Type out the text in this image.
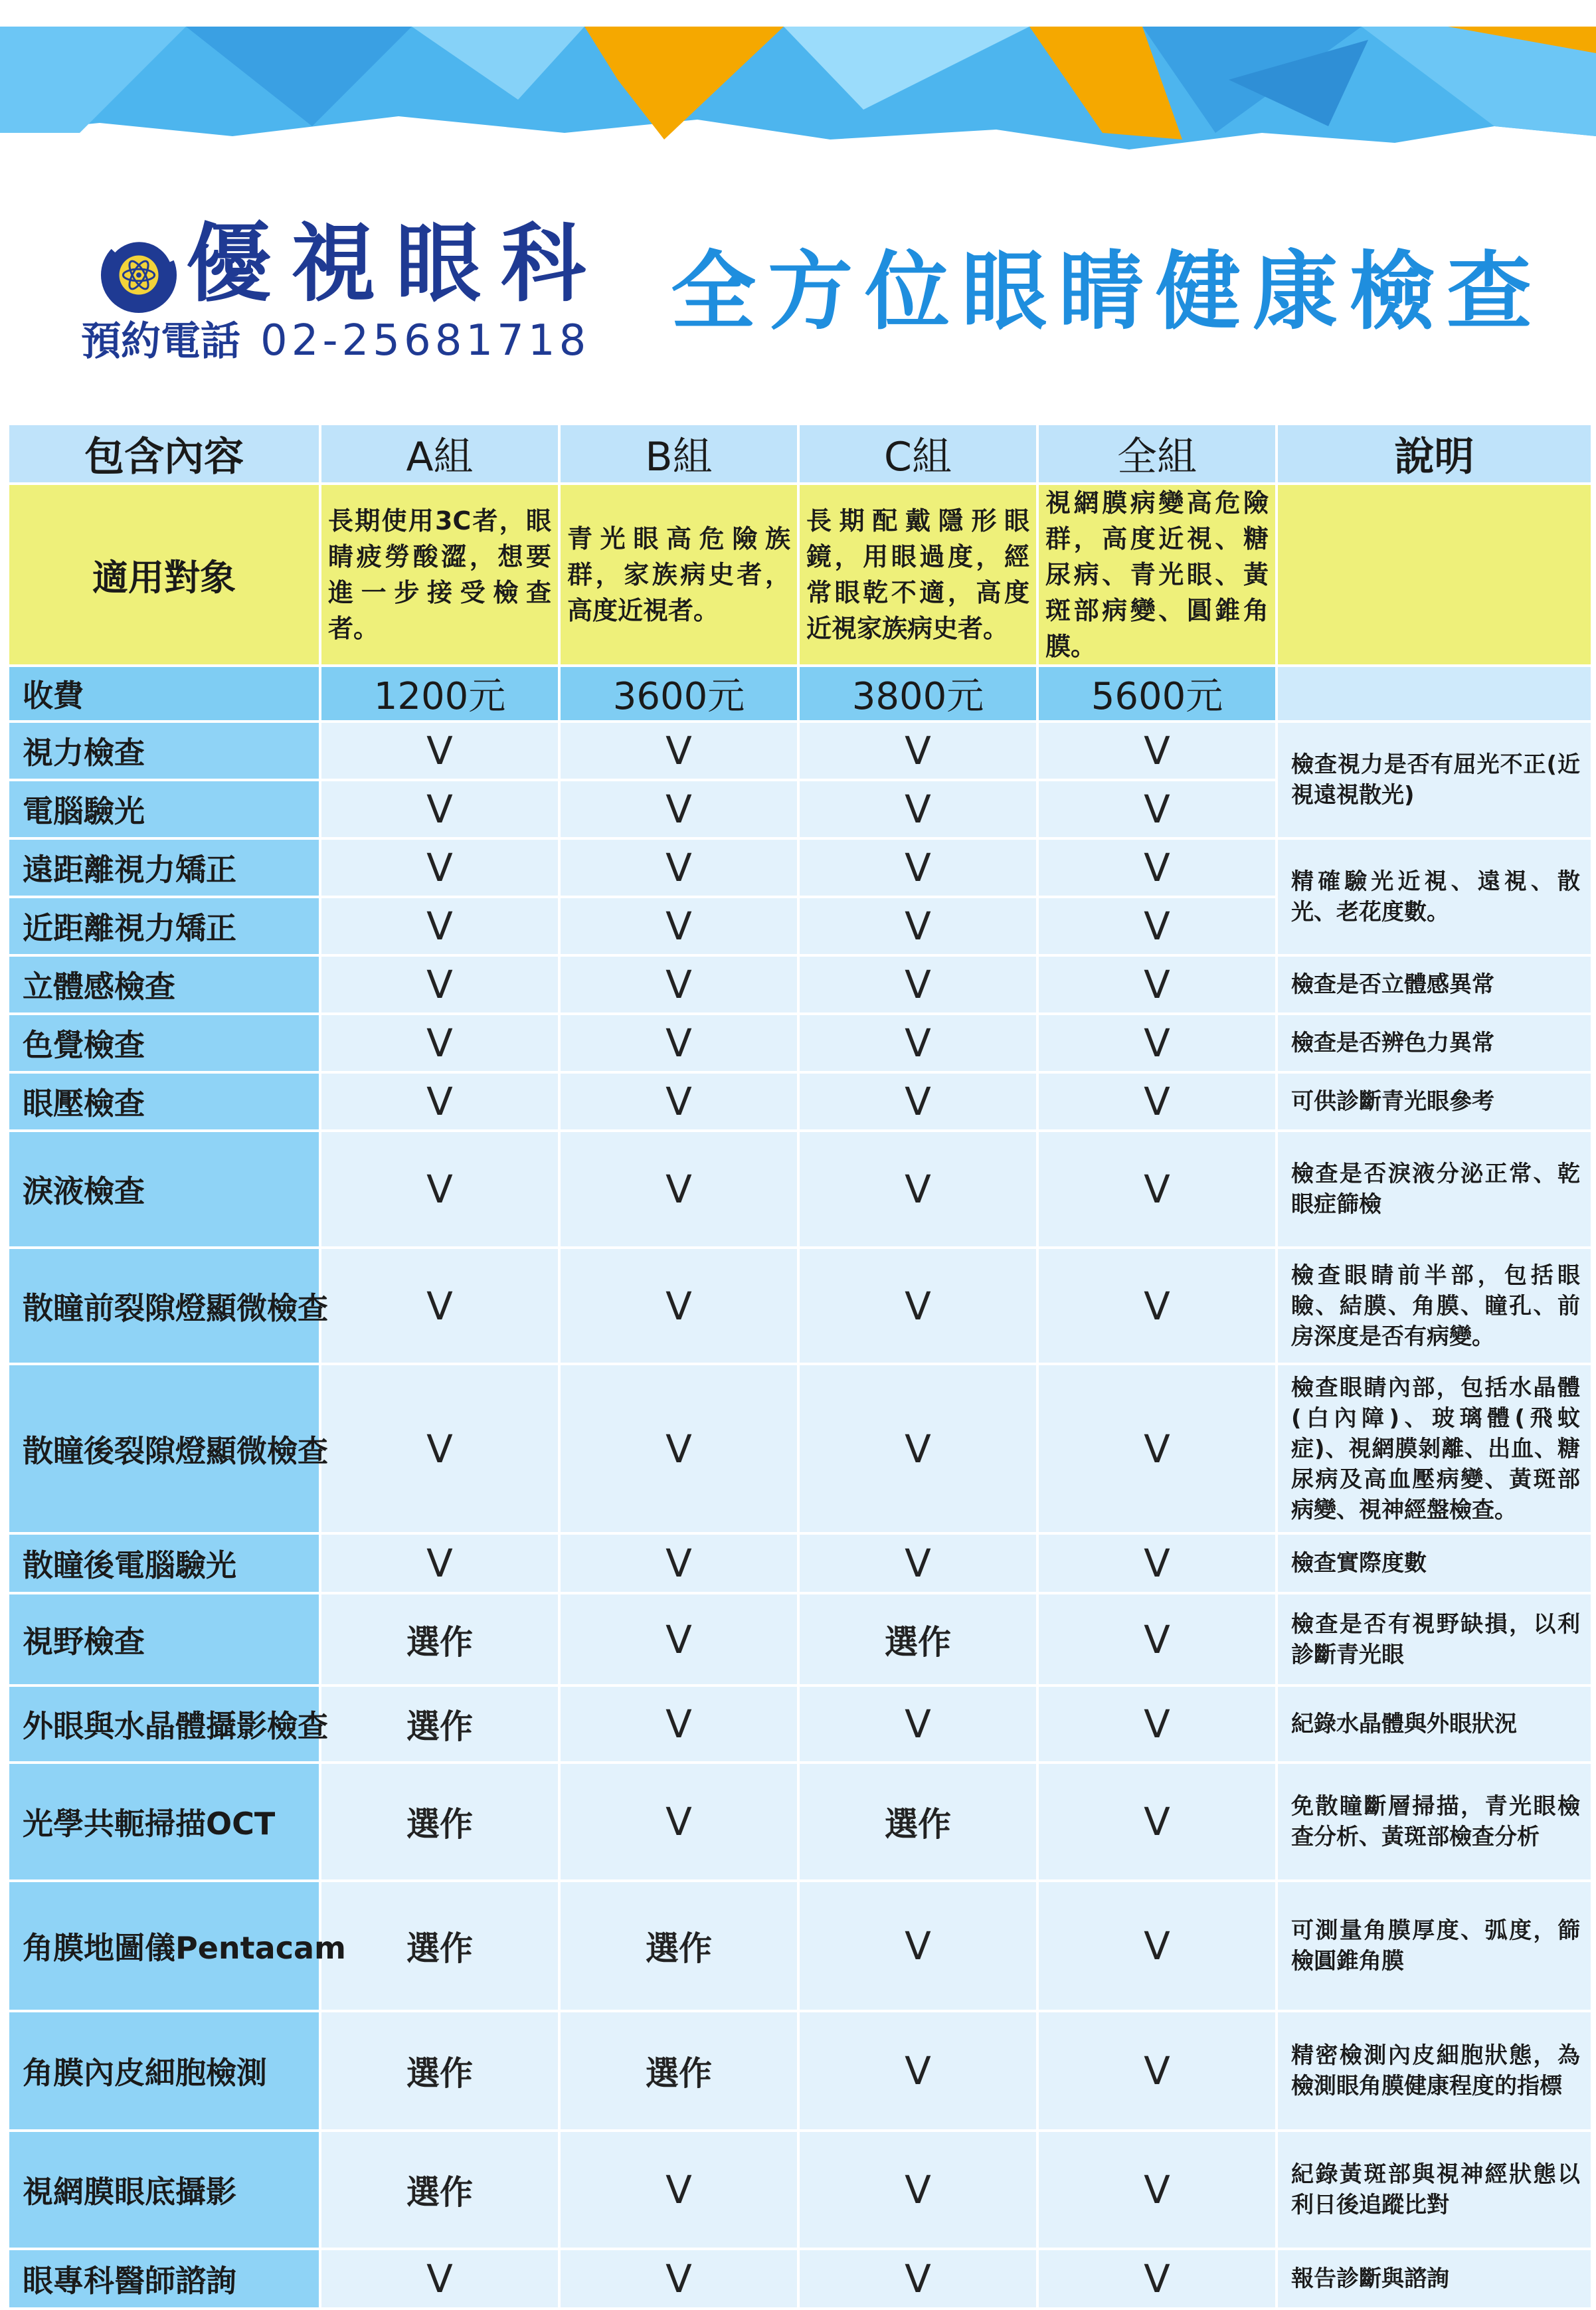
優視眼科
預約電話 02-25681718 全方位眼睛健康檢查
包含內容	A組	B組	C組	全組	說明
適用對象	長期使用3C者，眼睛疲勞酸澀，想要進一步接受檢查者。	青光眼高危險族群，家族病史者，高度近視者。	長期配戴隱形眼鏡，用眼過度，經常眼乾不適，高度近視家族病史者。	視網膜病變高危險群，高度近視、糖尿病、青光眼、黃斑部病變、圓錐角膜。	
收費	1200元	3600元	3800元	5600元	
視力檢查	V	V	V	V	檢查視力是否有屈光不正(近視遠視散光)
電腦驗光	V	V	V	V	
遠距離視力矯正	V	V	V	V	精確驗光近視、遠視、散光、老花度數。
近距離視力矯正	V	V	V	V	
立體感檢查	V	V	V	V	檢查是否立體感異常
色覺檢查	V	V	V	V	檢查是否辨色力異常
眼壓檢查	V	V	V	V	可供診斷青光眼參考
淚液檢查	V	V	V	V	檢查是否淚液分泌正常、乾眼症篩檢
散瞳前裂隙燈顯微檢查	V	V	V	V	檢查眼睛前半部，包括眼瞼、結膜、角膜、瞳孔、前房深度是否有病變。
散瞳後裂隙燈顯微檢查	V	V	V	V	檢查眼睛內部，包括水晶體(白內障)、玻璃體(飛蚊症)、視網膜剝離、出血、糖尿病及高血壓病變、黃斑部病變、視神經盤檢查。
散瞳後電腦驗光	V	V	V	V	檢查實際度數
視野檢查	選作	V	選作	V	檢查是否有視野缺損，以利診斷青光眼
外眼與水晶體攝影檢查	選作	V	V	V	紀錄水晶體與外眼狀況
光學共軛掃描OCT	選作	V	選作	V	免散瞳斷層掃描，青光眼檢查分析、黃斑部檢查分析
角膜地圖儀Pentacam	選作	選作	V	V	可測量角膜厚度、弧度，篩檢圓錐角膜
角膜內皮細胞檢測	選作	選作	V	V	精密檢測內皮細胞狀態，為檢測眼角膜健康程度的指標
視網膜眼底攝影	選作	V	V	V	紀錄黃斑部與視神經狀態以利日後追蹤比對
眼專科醫師諮詢	V	V	V	V	報告診斷與諮詢
